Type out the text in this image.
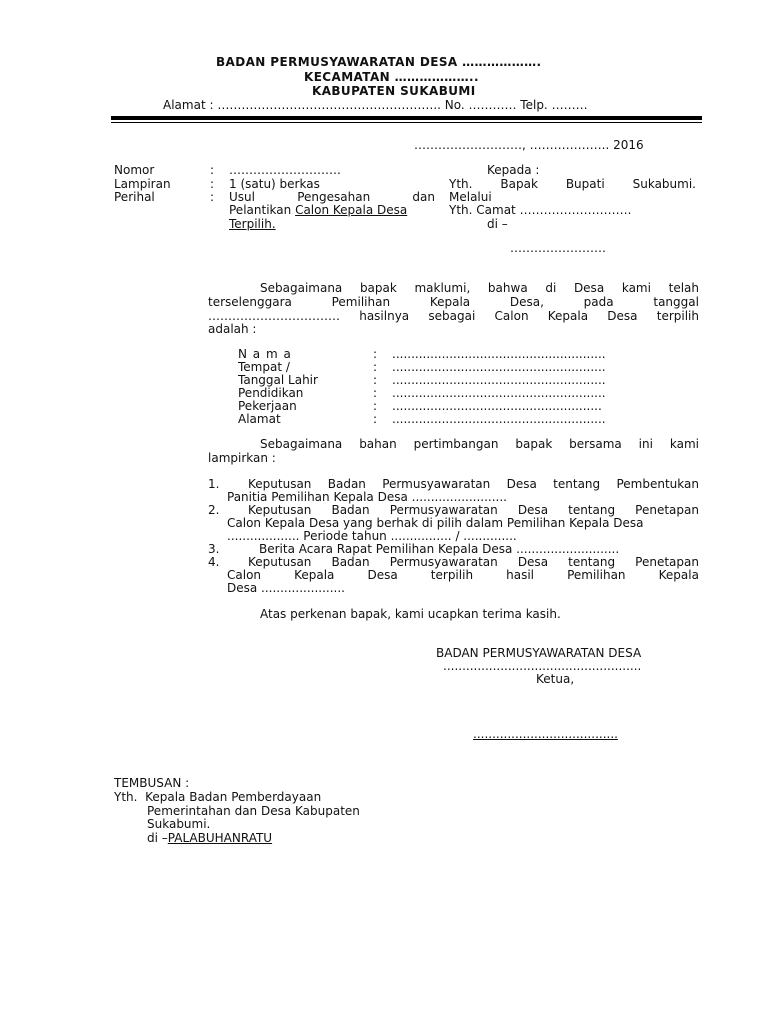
BADAN PERMUSYAWARATAN DESA ……………….
KECAMATAN ………………..
KABUPATEN SUKABUMI
Alamat : ……………………………………………….. No. ………… Telp. ………
………………………, ……………….. 2016
Nomor	: ……………………….
Lampiran	: 1 (satu) berkas
Perihal	: Usul	Pengesahan	dan
Pelantikan Calon Kepala Desa
Terpilih.
Kepada :
Yth. Bapak Bupati Sukabumi.
Melalui
Yth. Camat ……………………….
di –
……………………
Sebagaimana bapak maklumi, bahwa di Desa kami telah
terselenggara	Pemilihan	Kepala	Desa,	pada	tanggal
…………………………… hasilnya sebagai Calon Kepala Desa terpilih
adalah :
N a m a	: ........................................................
Tempat /	: ........................................................
Tanggal Lahir	: ........................................................
Pendidikan	: ........................................................
Pekerjaan	: .......................................................
Alamat	: ........................................................
Sebagaimana bahan pertimbangan bapak bersama ini kami
lampirkan :
1. Keputusan Badan Permusyawaratan Desa tentang Pembentukan
Panitia Pemilihan Kepala Desa .........................
2. Keputusan Badan Permusyawaratan Desa tentang Penetapan
Calon Kepala Desa yang berhak di pilih dalam Pemilihan Kepala Desa
................... Periode tahun ................ / ..............
3.	Berita Acara Rapat Pemilihan Kepala Desa ...........................
4. Keputusan Badan Permusyawaratan Desa tentang Penetapan
Calon	Kepala	Desa	terpilih	hasil	Pemilihan	Kepala
Desa ......................
Atas perkenan bapak, kami ucapkan terima kasih.
BADAN PERMUSYAWARATAN DESA
....................................................
Ketua,
......................................
TEMBUSAN :
Yth.  Kepala Badan Pemberdayaan
Pemerintahan dan Desa Kabupaten
Sukabumi.
di –PALABUHANRATU
